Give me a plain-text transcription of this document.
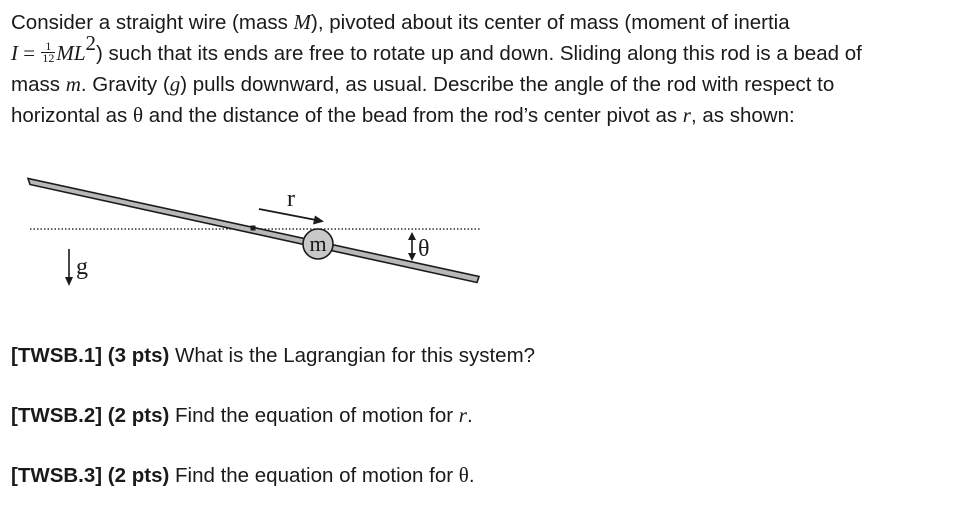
Consider a straight wire (mass M), pivoted about its center of mass (moment of inertia
$I = \frac{1}{12} ML^2$) such that its ends are free to rotate up and down. Sliding along this rod is a bead of
mass m. Gravity (g) pulls downward, as usual. Describe the angle of the rod with respect to
horizontal as θ and the distance of the bead from the rod’s center pivot as r, as shown:

r
m	θ
g

[TWSB.1] (3 pts) What is the Lagrangian for this system?

[TWSB.2] (2 pts) Find the equation of motion for r.

[TWSB.3] (2 pts) Find the equation of motion for θ.
